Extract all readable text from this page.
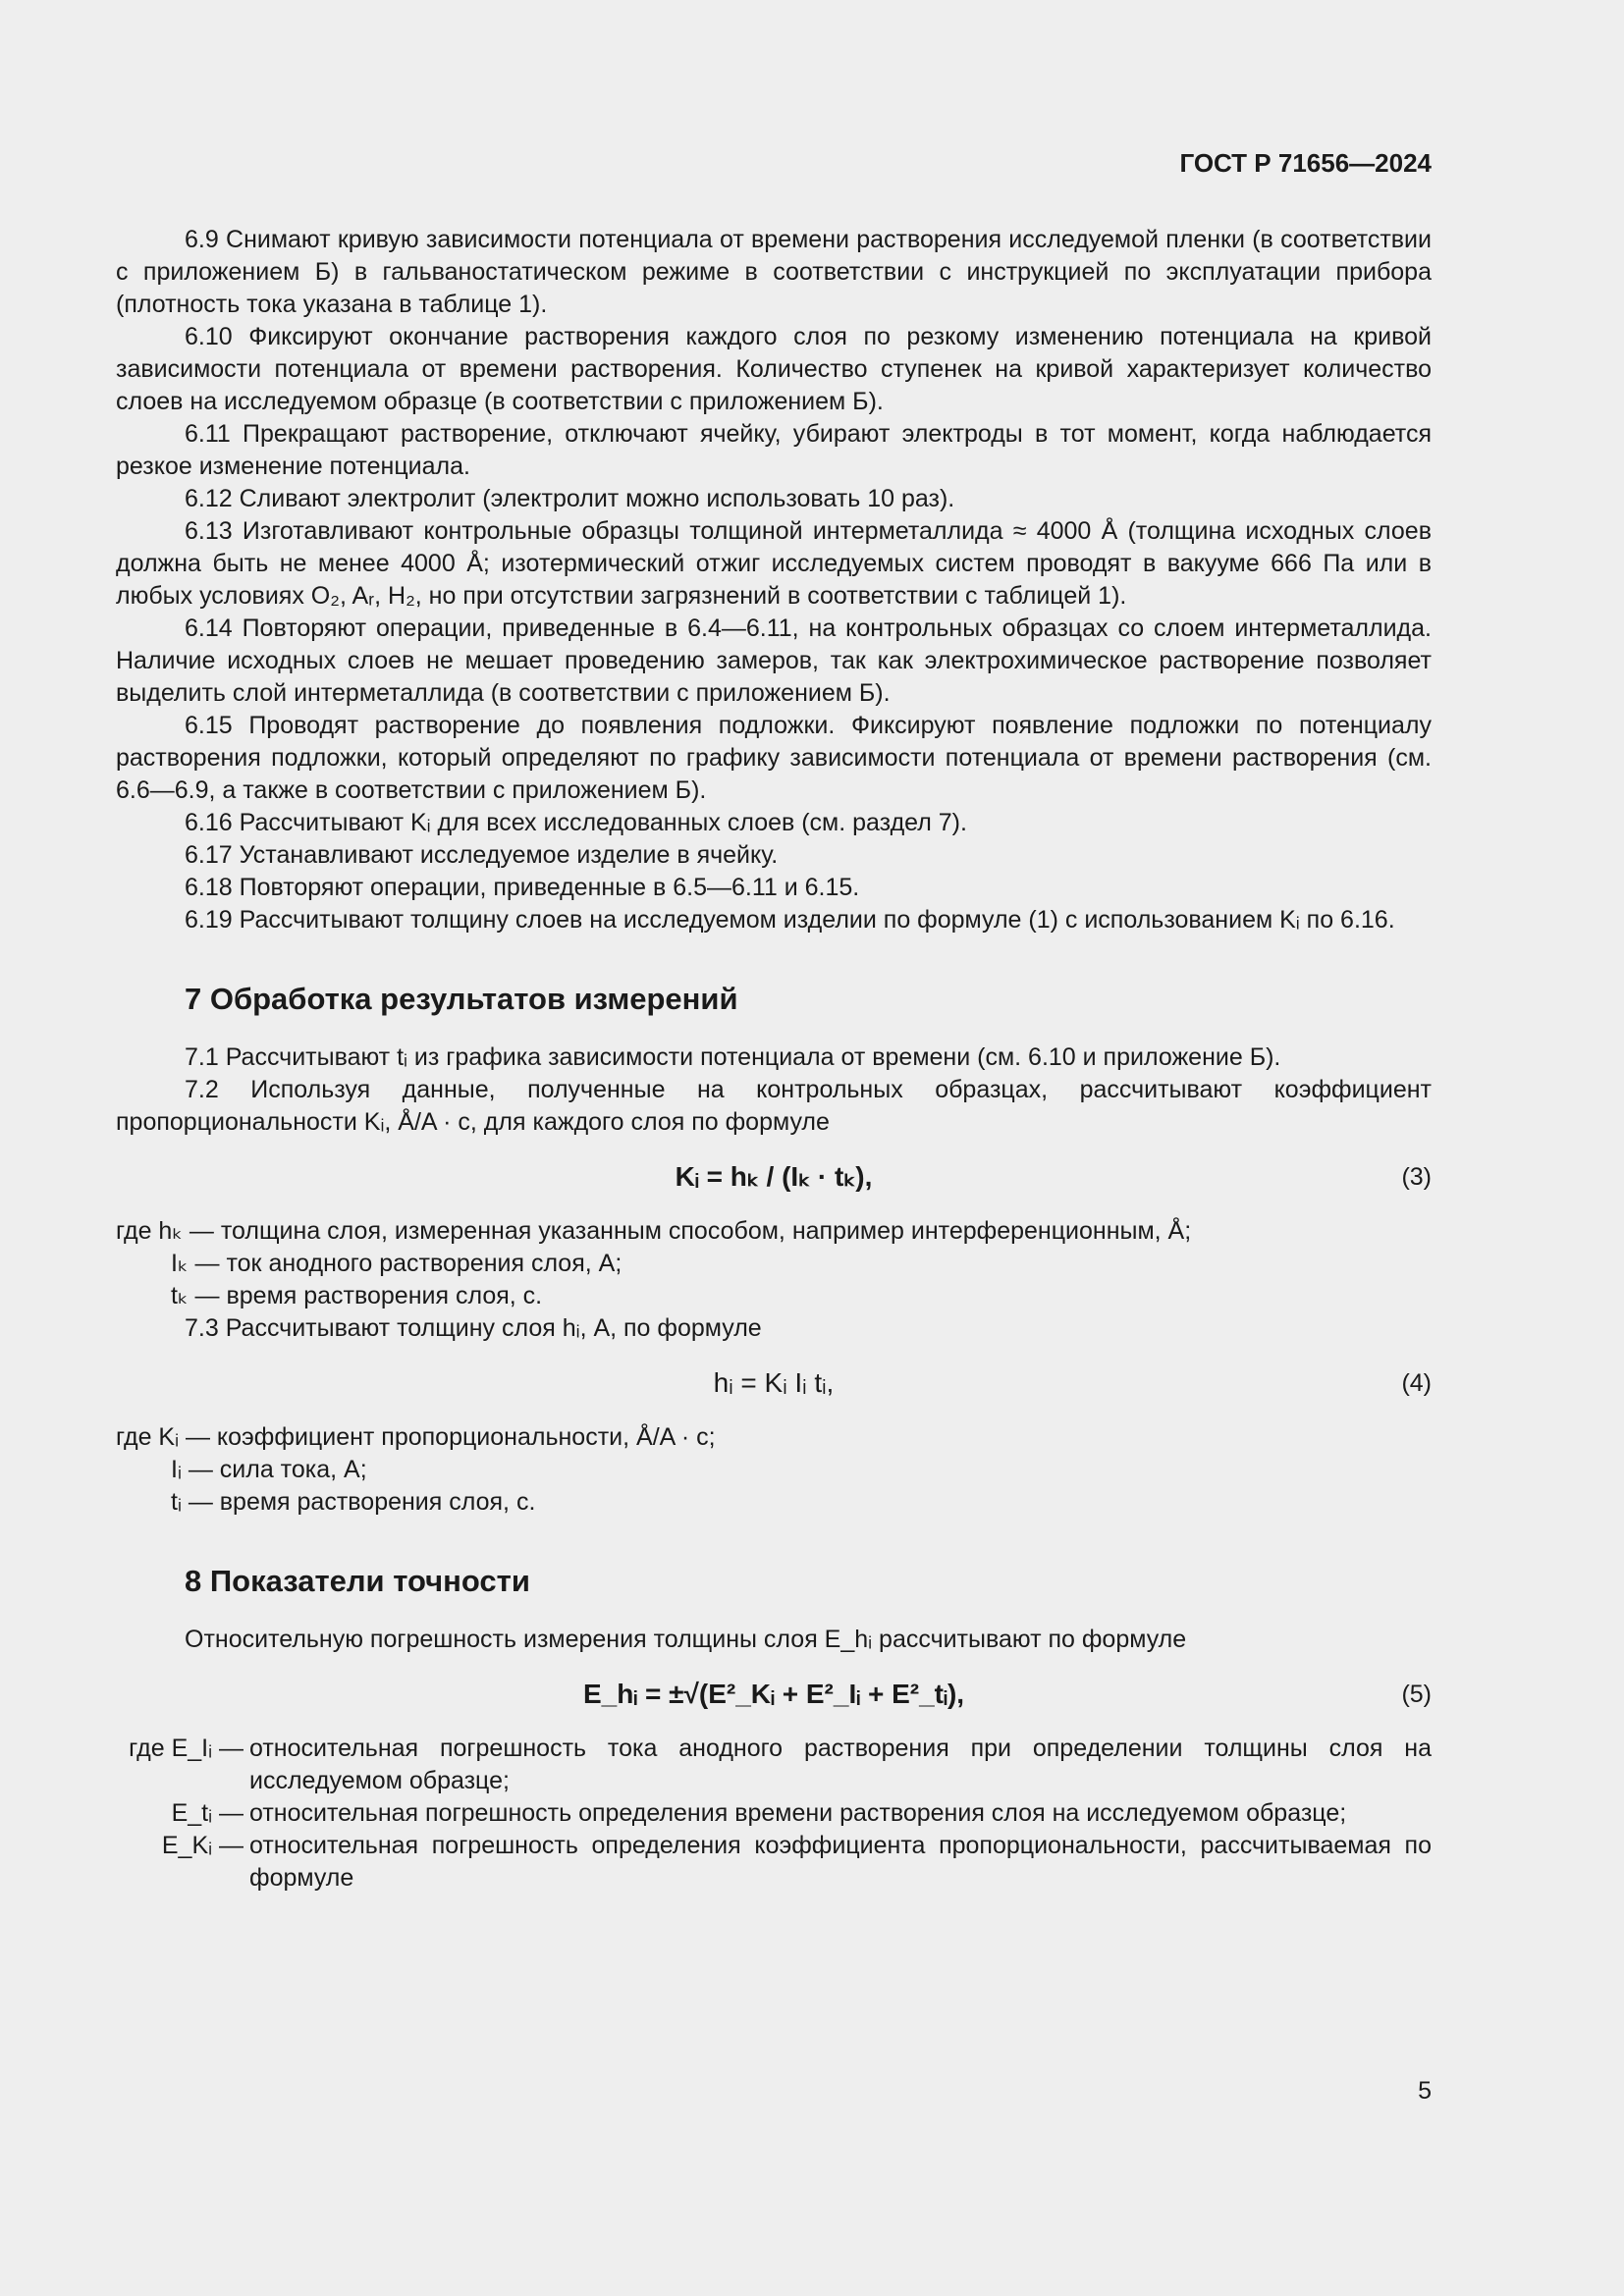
ГОСТ Р 71656—2024

6.9 Снимают кривую зависимости потенциала от времени растворения исследуемой пленки (в соответствии с приложением Б) в гальваностатическом режиме в соответствии с инструкцией по эксплуатации прибора (плотность тока указана в таблице 1).

6.10 Фиксируют окончание растворения каждого слоя по резкому изменению потенциала на кривой зависимости потенциала от времени растворения. Количество ступенек на кривой характеризует количество слоев на исследуемом образце (в соответствии с приложением Б).

6.11 Прекращают растворение, отключают ячейку, убирают электроды в тот момент, когда наблюдается резкое изменение потенциала.

6.12 Сливают электролит (электролит можно использовать 10 раз).

6.13 Изготавливают контрольные образцы толщиной интерметаллида ≈ 4000 Å (толщина исходных слоев должна быть не менее 4000 Å; изотермический отжиг исследуемых систем проводят в вакууме 666 Па или в любых условиях O₂, Aᵣ, H₂, но при отсутствии загрязнений в соответствии с таблицей 1).

6.14 Повторяют операции, приведенные в 6.4—6.11, на контрольных образцах со слоем интерметаллида. Наличие исходных слоев не мешает проведению замеров, так как электрохимическое растворение позволяет выделить слой интерметаллида (в соответствии с приложением Б).

6.15 Проводят растворение до появления подложки. Фиксируют появление подложки по потенциалу растворения подложки, который определяют по графику зависимости потенциала от времени растворения (см. 6.6—6.9, а также в соответствии с приложением Б).

6.16 Рассчитывают Kᵢ для всех исследованных слоев (см. раздел 7).

6.17 Устанавливают исследуемое изделие в ячейку.

6.18 Повторяют операции, приведенные в 6.5—6.11 и 6.15.

6.19 Рассчитывают толщину слоев на исследуемом изделии по формуле (1) с использованием Kᵢ по 6.16.

7 Обработка результатов измерений

7.1 Рассчитывают tᵢ из графика зависимости потенциала от времени (см. 6.10 и приложение Б).

7.2 Используя данные, полученные на контрольных образцах, рассчитывают коэффициент пропорциональности Kᵢ, Å/A · с, для каждого слоя по формуле

Kᵢ = hₖ / (Iₖ · tₖ),	(3)

где hₖ — толщина слоя, измеренная указанным способом, например интерференционным, Å;

Iₖ — ток анодного растворения слоя, А;

tₖ — время растворения слоя, с.

7.3 Рассчитывают толщину слоя hᵢ, А, по формуле

hᵢ = Kᵢ Iᵢ tᵢ,	(4)

где Kᵢ — коэффициент пропорциональности, Å/A · с;

Iᵢ — сила тока, А;

tᵢ — время растворения слоя, с.

8 Показатели точности

Относительную погрешность измерения толщины слоя E_hᵢ рассчитывают по формуле

E_hᵢ = ±√(E²_Kᵢ + E²_Iᵢ + E²_tᵢ),	(5)
где E_Iᵢ — относительная погрешность тока анодного растворения при определении толщины слоя на исследуемом образце;
E_tᵢ — относительная погрешность определения времени растворения слоя на исследуемом образце;
E_Kᵢ — относительная погрешность определения коэффициента пропорциональности, рассчитываемая по формуле
5
